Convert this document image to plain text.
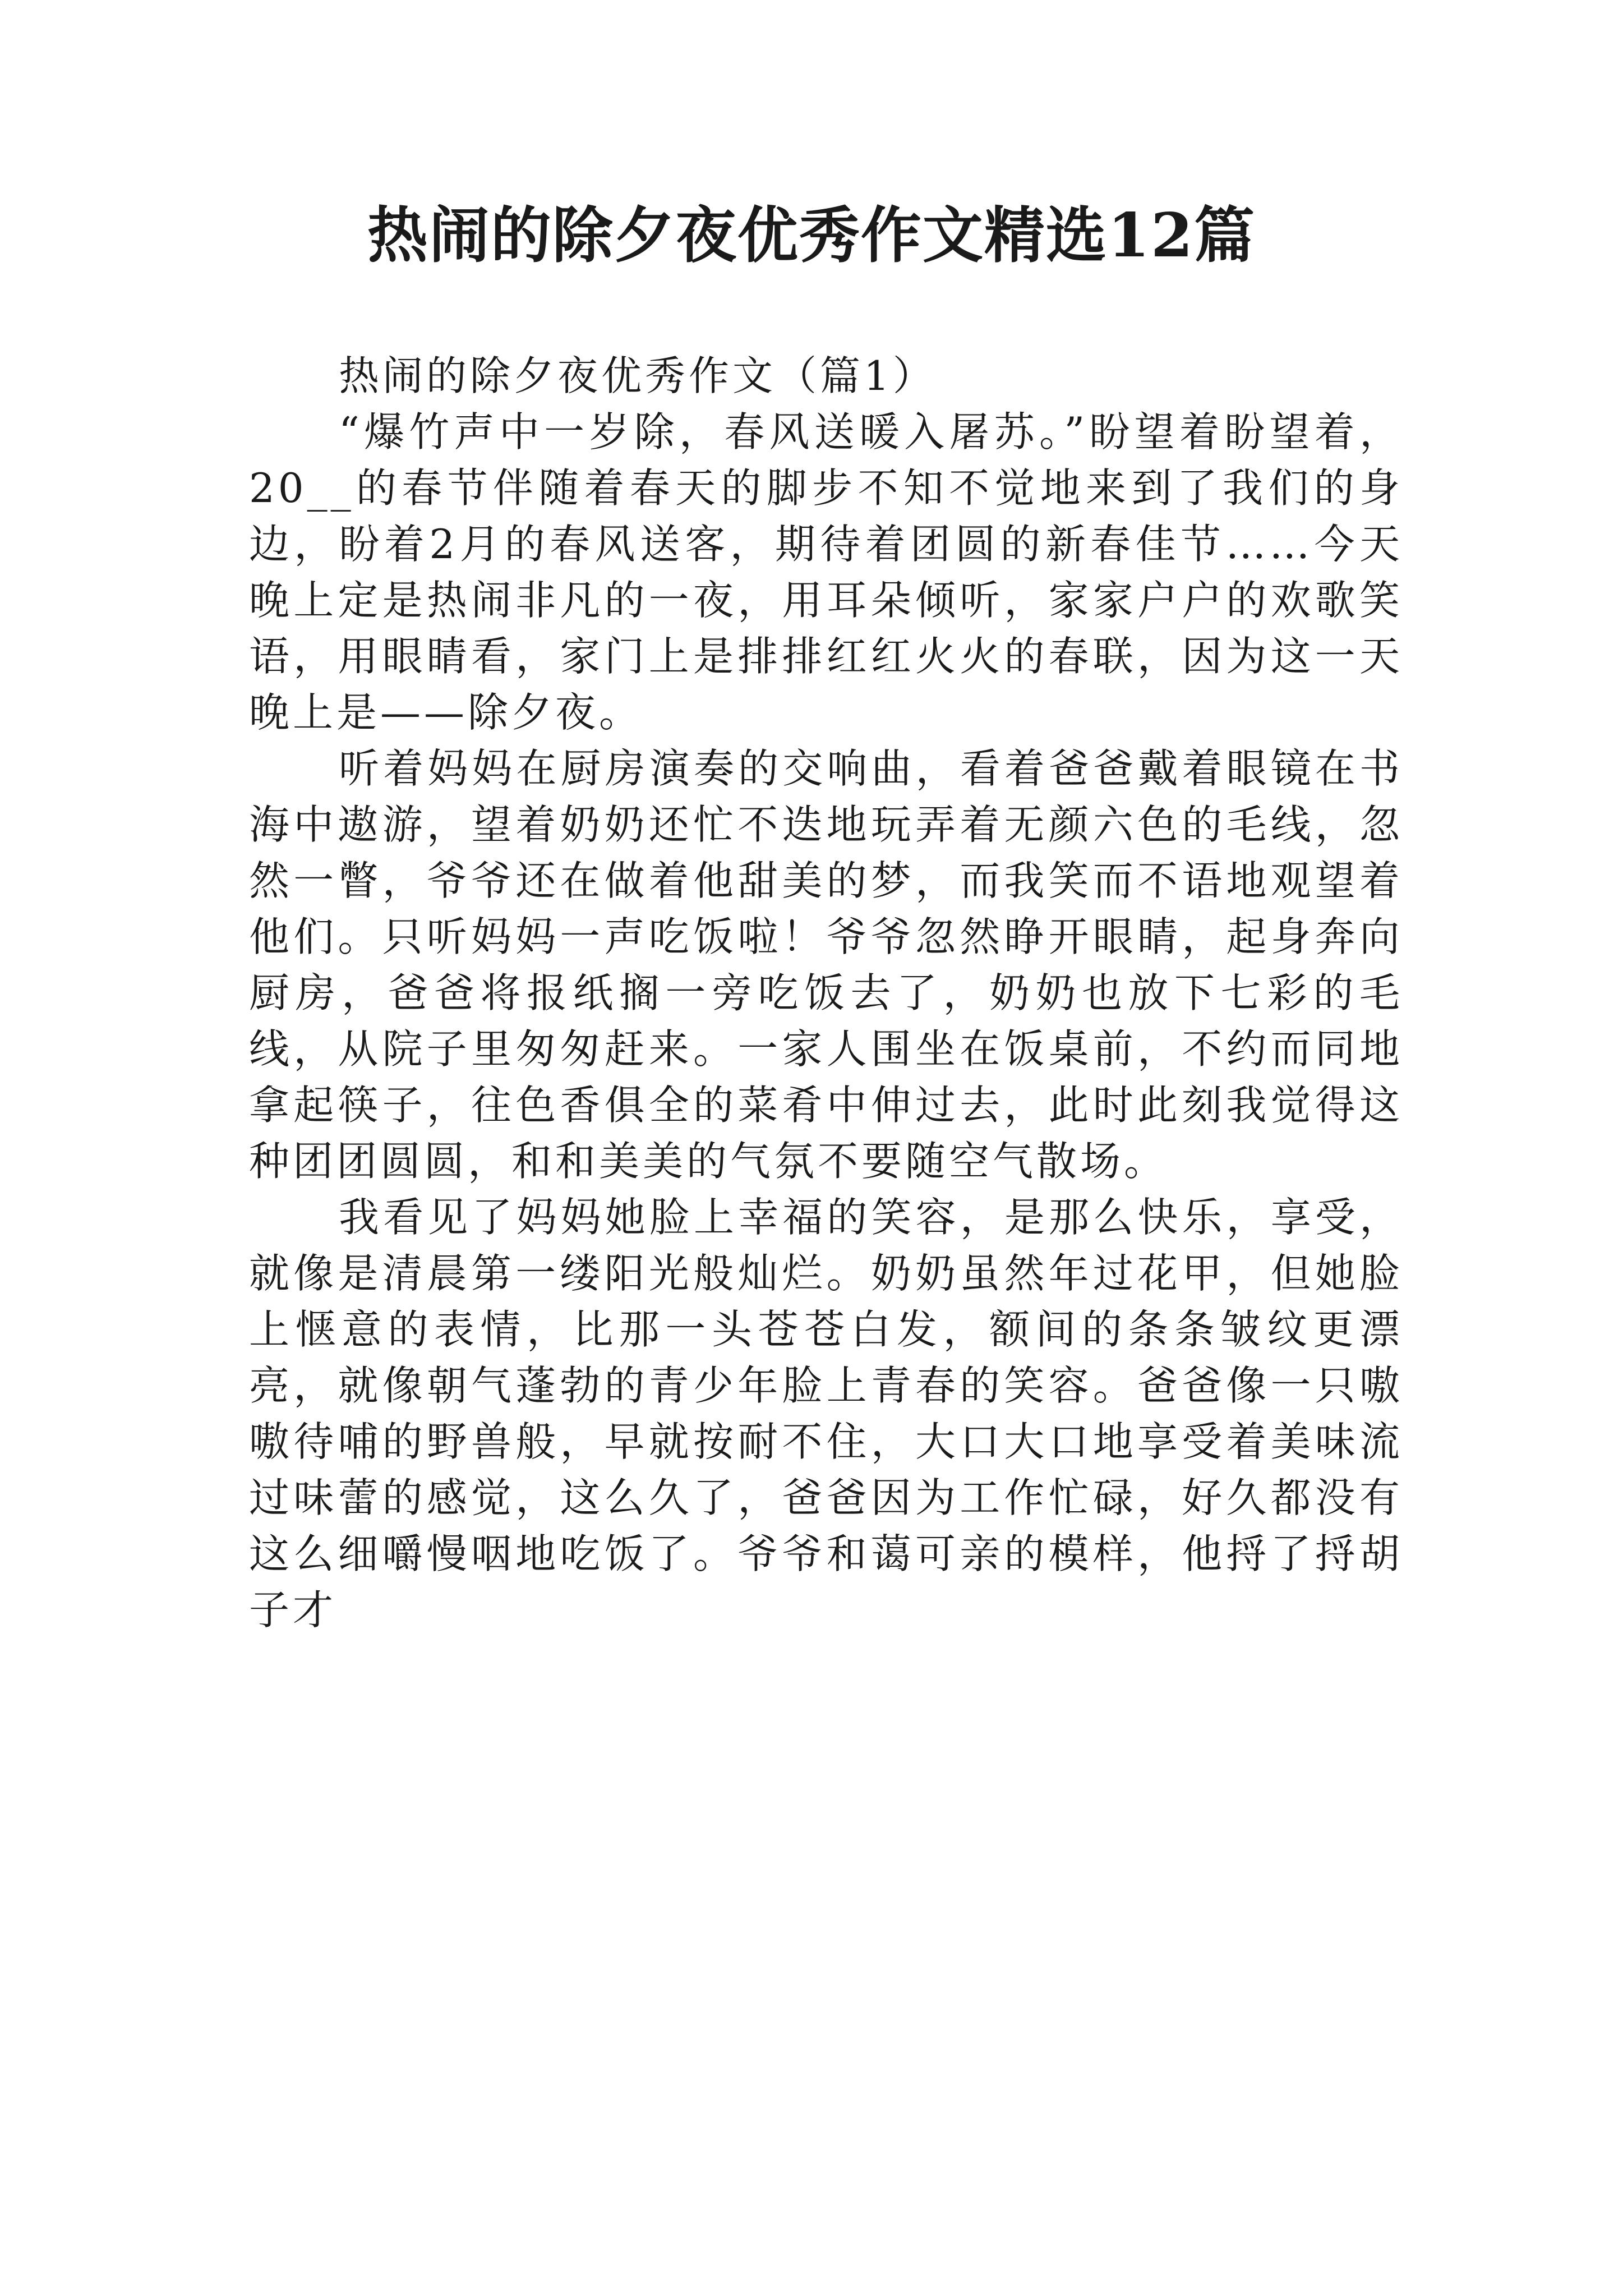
热闹的除夕夜优秀作文精选12篇
热闹的除夕夜优秀作文（篇1）

“爆竹声中一岁除，春风送暖入屠苏。”盼望着盼望着，20__的春节伴随着春天的脚步不知不觉地来到了我们的身边，盼着2月的春风送客，期待着团圆的新春佳节……今天晚上定是热闹非凡的一夜，用耳朵倾听，家家户户的欢歌笑语，用眼睛看，家门上是排排红红火火的春联，因为这一天晚上是——除夕夜。

听着妈妈在厨房演奏的交响曲，看着爸爸戴着眼镜在书海中遨游，望着奶奶还忙不迭地玩弄着无颜六色的毛线，忽然一瞥，爷爷还在做着他甜美的梦，而我笑而不语地观望着他们。只听妈妈一声吃饭啦！爷爷忽然睁开眼睛，起身奔向厨房，爸爸将报纸搁一旁吃饭去了，奶奶也放下七彩的毛线，从院子里匆匆赶来。一家人围坐在饭桌前，不约而同地拿起筷子，往色香俱全的菜肴中伸过去，此时此刻我觉得这种团团圆圆，和和美美的气氛不要随空气散场。

我看见了妈妈她脸上幸福的笑容，是那么快乐，享受，就像是清晨第一缕阳光般灿烂。奶奶虽然年过花甲，但她脸上惬意的表情，比那一头苍苍白发，额间的条条皱纹更漂亮，就像朝气蓬勃的青少年脸上青春的笑容。爸爸像一只嗷嗷待哺的野兽般，早就按耐不住，大口大口地享受着美味流过味蕾的感觉，这么久了，爸爸因为工作忙碌，好久都没有这么细嚼慢咽地吃饭了。爷爷和蔼可亲的模样，他捋了捋胡子才
